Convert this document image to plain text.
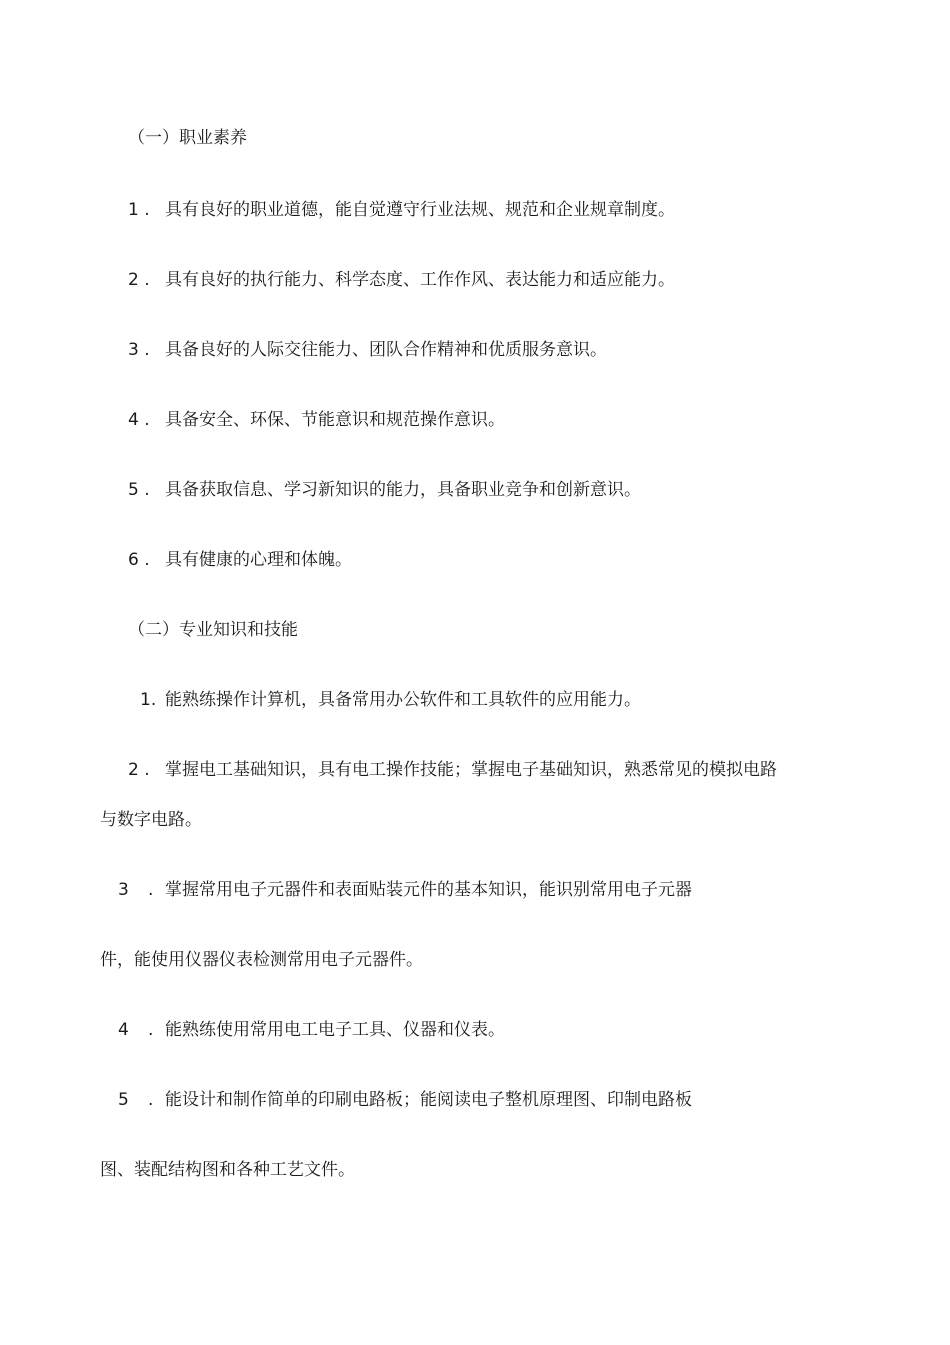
（一）职业素养
1 . 具有良好的职业道德，能自觉遵守行业法规、规范和企业规章制度。
2 . 具有良好的执行能力、科学态度、工作作风、表达能力和适应能力。
3 . 具备良好的人际交往能力、团队合作精神和优质服务意识。
4 . 具备安全、环保、节能意识和规范操作意识。
5 . 具备获取信息、学习新知识的能力，具备职业竞争和创新意识。
6 . 具有健康的心理和体魄。
（二）专业知识和技能
1. 能熟练操作计算机，具备常用办公软件和工具软件的应用能力。
2 . 掌握电工基础知识，具有电工操作技能；掌握电子基础知识，熟悉常见的模拟电路
与数字电路。
3 . 掌握常用电子元器件和表面贴装元件的基本知识，能识别常用电子元器
件，能使用仪器仪表检测常用电子元器件。
4 . 能熟练使用常用电工电子工具、仪器和仪表。
5 . 能设计和制作简单的印刷电路板；能阅读电子整机原理图、印制电路板
图、装配结构图和各种工艺文件。
